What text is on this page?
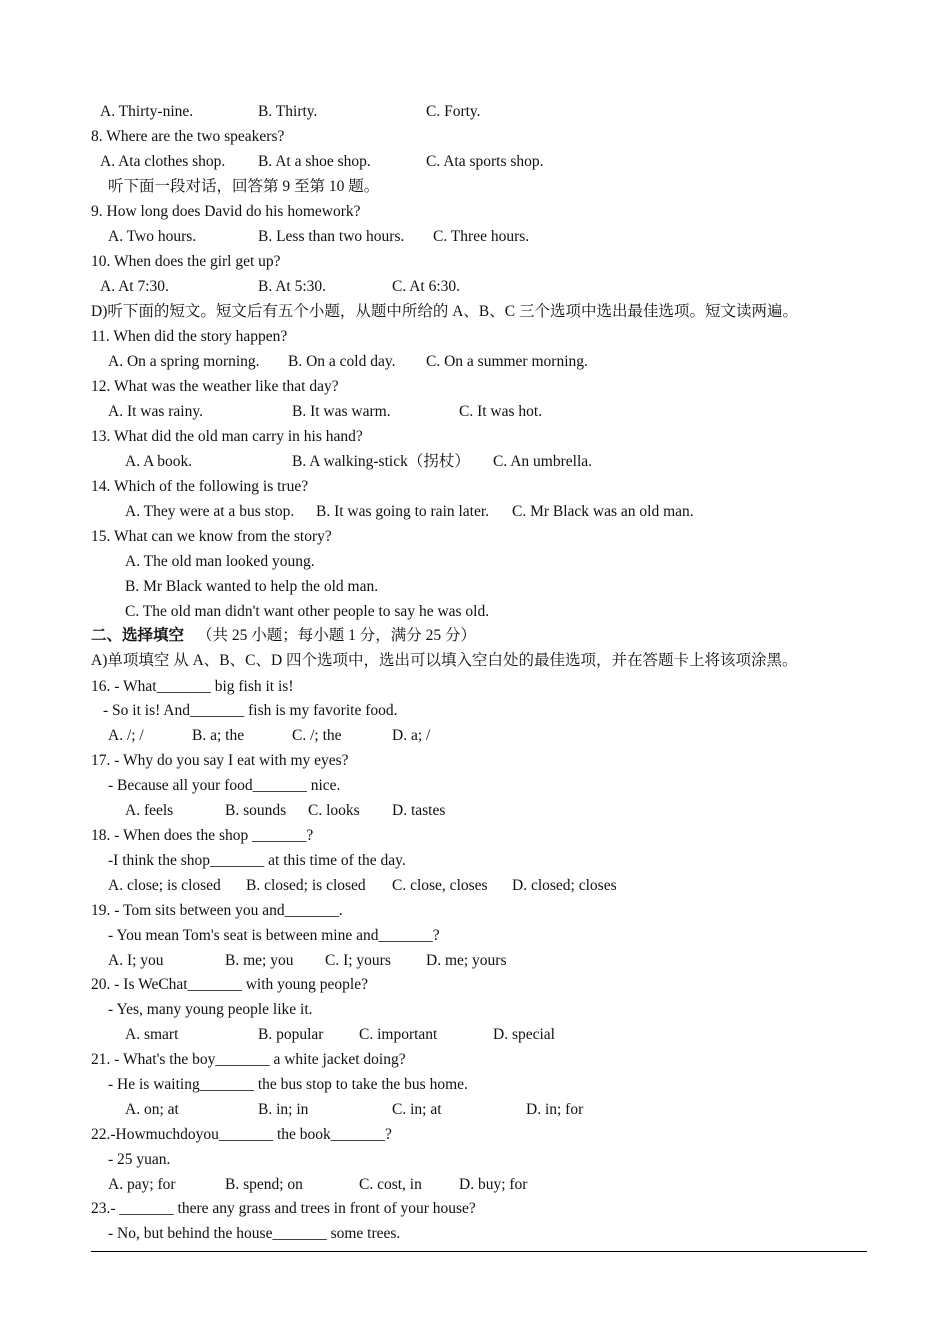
A. Thirty-nine.	B. Thirty.	C. Forty.
8. Where are the two speakers?
A. Ata clothes shop. B. At a shoe shop.	C. Ata sports shop.
听下面一段对话，回答第 9 至第 10 题。
9. How long does David do his homework?
A. Two hours.	B. Less than two hours. C. Three hours.
10. When does the girl get up?
A. At 7:30.	B. At 5:30.	C. At 6:30.
D)听下面的短文。短文后有五个小题，从题中所给的 A、B、C 三个选项中选出最佳选项。短文读两遍。
11. When did the story happen?
A. On a spring morning. B. On a cold day. C. On a summer morning.
12. What was the weather like that day?
A. It was rainy.	B. It was warm.	C. It was hot.
13. What did the old man carry in his hand?
A. A book.	B. A walking-stick（拐杖） C. An umbrella.
14. Which of the following is true?
A. They were at a bus stop. B. It was going to rain later. C. Mr Black was an old man.
15. What can we know from the story?
A. The old man looked young.
B. Mr Black wanted to help the old man.
C. The old man didn't want other people to say he was old.
二、选择填空 （共 25 小题；每小题 1 分，满分 25 分）
A)单项填空 从 A、B、C、D 四个选项中，选出可以填入空白处的最佳选项，并在答题卡上将该项涂黑。
16. - What_______ big fish it is!
- So it is! And_______ fish is my favorite food.
A. /; /	B. a; the	C. /; the	D. a; /
17. - Why do you say I eat with my eyes?
- Because all your food_______ nice.
A. feels	B. sounds C. looks D. tastes
18. - When does the shop _______?
-I think the shop_______ at this time of the day.
A. close; is closed B. closed; is closed C. close, closes D. closed; closes
19. - Tom sits between you and_______.
- You mean Tom's seat is between mine and_______?
A. I; you	B. me; you C. I; yours D. me; yours
20. - Is WeChat_______ with young people?
- Yes, many young people like it.
A. smart	B. popular C. important	D. special
21. - What's the boy_______ a white jacket doing?
- He is waiting_______ the bus stop to take the bus home.
A. on; at	B. in; in	C. in; at	D. in; for
22.-Howmuchdoyou_______ the book_______?
- 25 yuan.
A. pay; for	B. spend; on	C. cost, in D. buy; for
23.- _______ there any grass and trees in front of your house?
- No, but behind the house_______ some trees.
